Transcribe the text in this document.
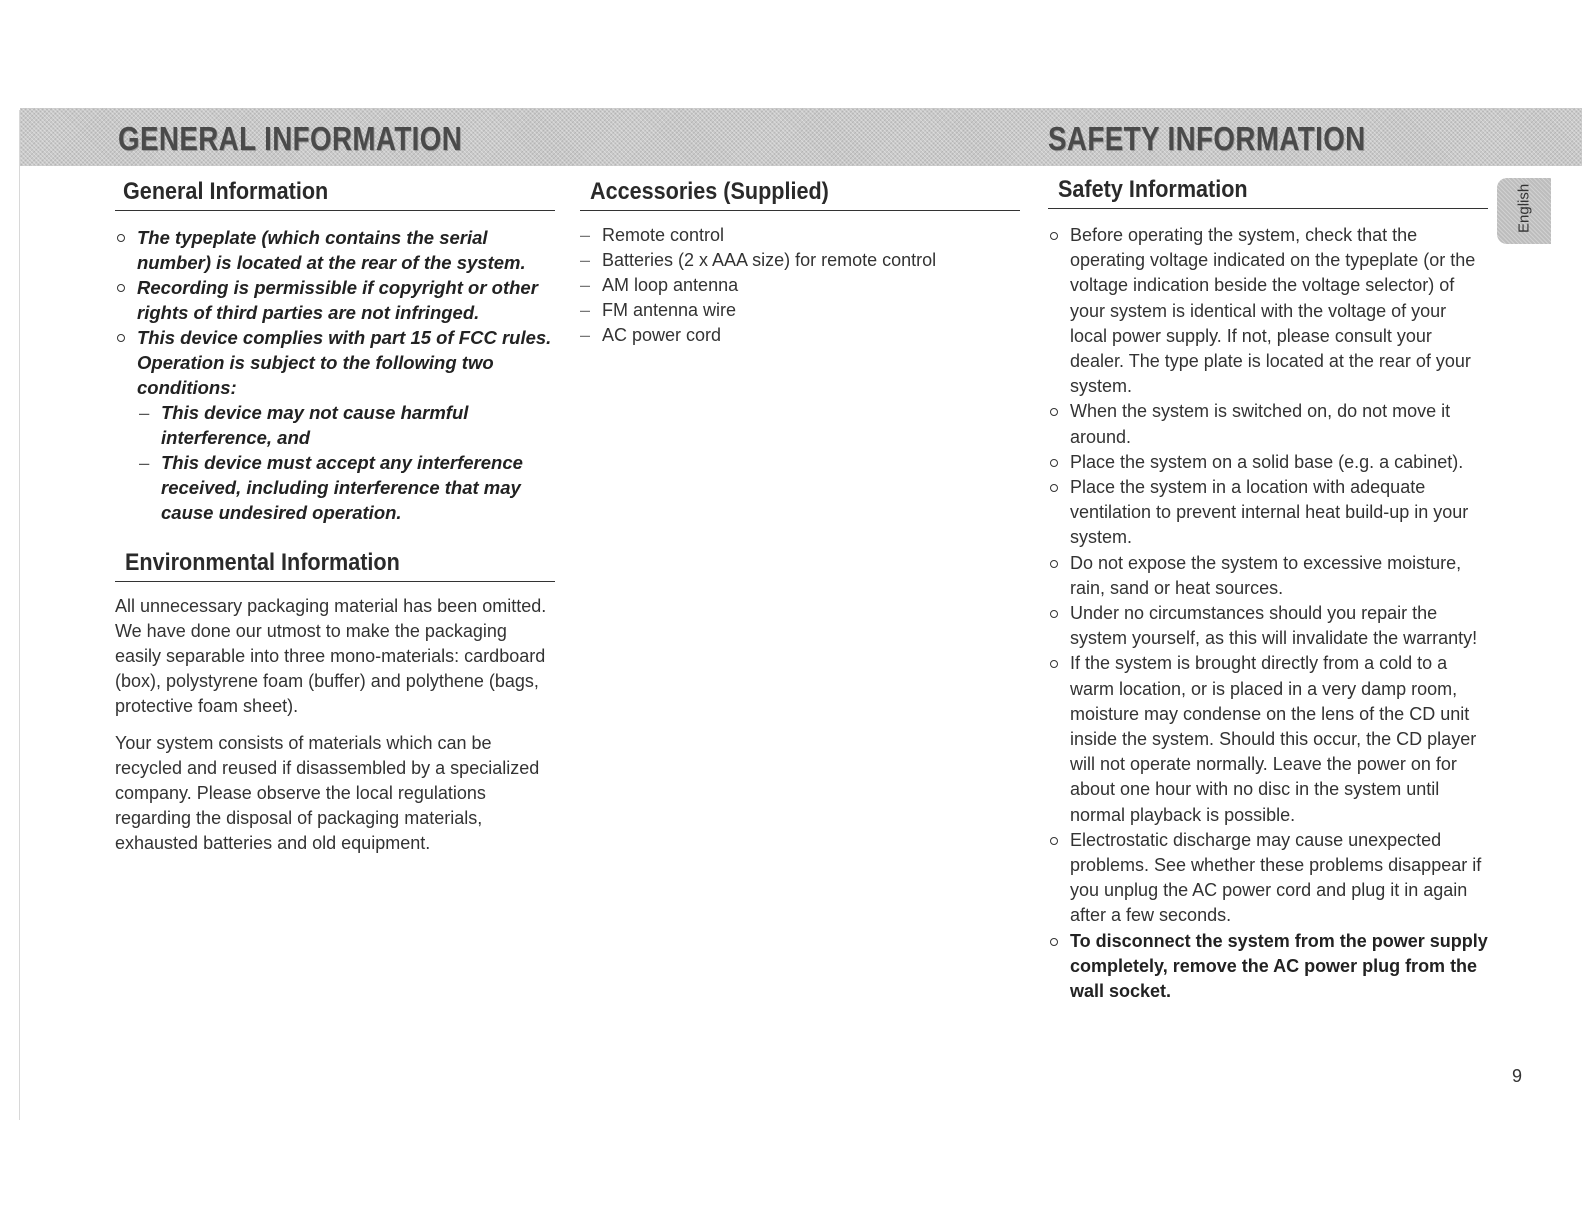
GENERAL INFORMATION	SAFETY INFORMATION
General Information
The typeplate (which contains the serial number) is located at the rear of the system.
Recording is permissible if copyright or other rights of third parties are not infringed.
This device complies with part 15 of FCC rules. Operation is subject to the following two conditions:
– This device may not cause harmful interference, and
– This device must accept any interference received, including interference that may cause undesired operation.
Environmental Information

All unnecessary packaging material has been omitted. We have done our utmost to make the packaging easily separable into three mono-materials: cardboard (box), polystyrene foam (buffer) and polythene (bags, protective foam sheet).

Your system consists of materials which can be recycled and reused if disassembled by a specialized company. Please observe the local regulations regarding the disposal of packaging materials, exhausted batteries and old equipment.

Accessories (Supplied)
– Remote control
– Batteries (2 x AAA size) for remote control
– AM loop antenna
– FM antenna wire
– AC power cord
Safety Information
Before operating the system, check that the operating voltage indicated on the typeplate (or the voltage indication beside the voltage selector) of your system is identical with the voltage of your local power supply. If not, please consult your dealer. The type plate is located at the rear of your system.
When the system is switched on, do not move it around.
Place the system on a solid base (e.g. a cabinet).
Place the system in a location with adequate ventilation to prevent internal heat build-up in your system.
Do not expose the system to excessive moisture, rain, sand or heat sources.
Under no circumstances should you repair the system yourself, as this will invalidate the warranty!
If the system is brought directly from a cold to a warm location, or is placed in a very damp room, moisture may condense on the lens of the CD unit inside the system. Should this occur, the CD player will not operate normally. Leave the power on for about one hour with no disc in the system until normal playback is possible.
Electrostatic discharge may cause unexpected problems. See whether these problems disappear if you unplug the AC power cord and plug it in again after a few seconds.
To disconnect the system from the power supply completely, remove the AC power plug from the wall socket.
English
9
